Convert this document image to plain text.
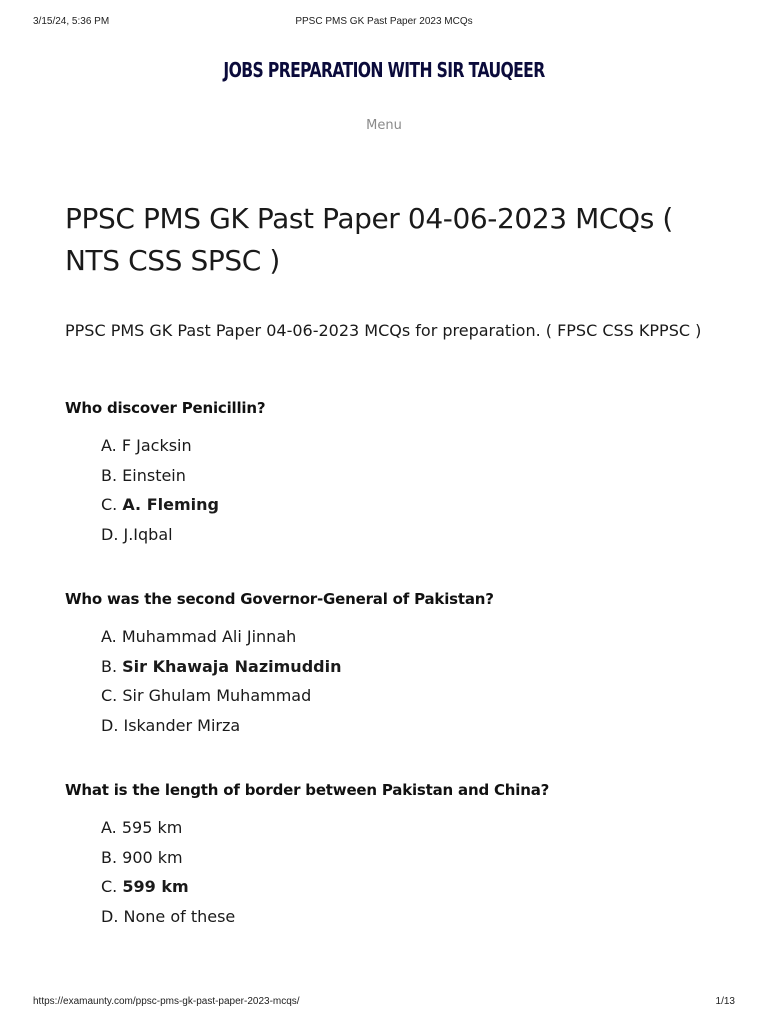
3/15/24, 5:36 PM	PPSC PMS GK Past Paper 2023 MCQs
JOBS PREPARATION WITH SIR TAUQEER
Menu
PPSC PMS GK Past Paper 04-06-2023 MCQs ( NTS CSS SPSC )

PPSC PMS GK Past Paper 04-06-2023 MCQs for preparation. ( FPSC CSS KPPSC )

Who discover Penicillin?

A. F Jacksin
B. Einstein
C. A. Fleming
D. J.Iqbal

Who was the second Governor-General of Pakistan?

A. Muhammad Ali Jinnah
B. Sir Khawaja Nazimuddin
C. Sir Ghulam Muhammad
D. Iskander Mirza

What is the length of border between Pakistan and China?

A. 595 km
B. 900 km
C. 599 km
D. None of these
https://examaunty.com/ppsc-pms-gk-past-paper-2023-mcqs/	1/13
